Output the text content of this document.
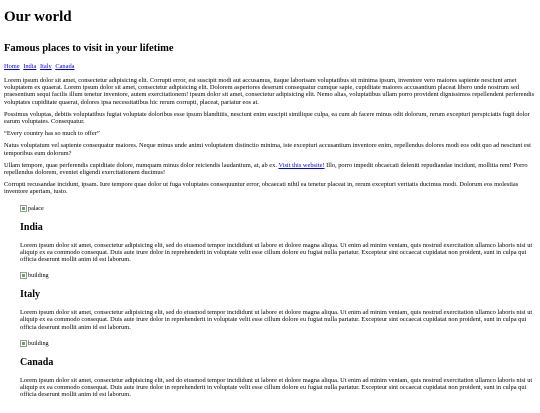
Our world
Famous places to visit in your lifetime
Home India Italy Canada

Lorem ipsum dolor sit amet, consectetur adipisicing elit. Corrupti error, est suscipit modi aut accusamus, itaque laborisam voluptatibus sit minima ipsum, inventore vero maiores sapiente nesciunt amet voluptatem ex quaerat. Lorem ipsum dolor sit amet, consectetur adipisicing elit. Dolorem asperiores deserunt consequatur cumque sapie, cupiditate maiores accusantium placeat libero unde nostrum sed praesentium sequi facilis illum tenetur inventore, autem exercitationem! ipsum dolor sit amet, consectetur adipisicing elit. Nemo alias, voluptatibus ullam porro provident dignissimos repellendent perferendis voluptates cupiditate quaerat, dolores ipsa necessitatibus hic rerum corrupti, placeat, pariatur eos at.

Possimus voluptas, debitis voluptatibus fugiat voluptate doloribus esse ipsum blanditiis, nesciunt enim suscipit similique culpa, ea cum ab facere minus odit dolorum, rerum excepturi perspiciatis fugit dolor earum voluptates. Consequatur.

“Every country has so much to offer”

Natus voluptatum vel sapiente consequatur maiores. Neque minus unde animi voluptatem distinctio minima, iste excepturi accusantium inventore enim, repellendus dolores modi eos odit quo ad nesciunt est temporibus eum dolorum?

Ullam tempore, quae perferendis cupiditate dolore, numquam minus dolor reiciendis laudantium, at, ab ex. Visit this website! Illo, porro impedit obcaecati deleniti repudiandae incidunt, mollitia rem! Porro repellendus dolorem, eveniet eligendi exercitationem ducimus!

Corrupti recusandae incidunt, ipsam. Iure tempore quae dolor ut fuga voluptates consequuntur error, obcaecati nihil ea tenetur placeat in, rerum excepturi veritatis ducimus modi. Dolorum eos molestias inventore aperiam, iusto.

palace
India

Lorem ipsum dolor sit amet, consectetur adipisicing elit, sed do eiusmod tempor incididunt ut labore et dolore magna aliqua. Ut enim ad minim veniam, quis nostrud exercitation ullamco laboris nisi ut aliquip ex ea commodo consequat. Duis aute irure dolor in reprehenderit in voluptate velit esse cillum dolore eu fugiat nulla pariatur. Excepteur sint occaecat cupidatat non proident, sunt in culpa qui officia deserunt mollit anim id est laborum.

building
Italy

Lorem ipsum dolor sit amet, consectetur adipisicing elit, sed do eiusmod tempor incididunt ut labore et dolore magna aliqua. Ut enim ad minim veniam, quis nostrud exercitation ullamco laboris nisi ut aliquip ex ea commodo consequat. Duis aute irure dolor in reprehenderit in voluptate velit esse cillum dolore eu fugiat nulla pariatur. Excepteur sint occaecat cupidatat non proident, sunt in culpa qui officia deserunt mollit anim id est laborum.

building
Canada

Lorem ipsum dolor sit amet, consectetur adipisicing elit, sed do eiusmod tempor incididunt ut labore et dolore magna aliqua. Ut enim ad minim veniam, quis nostrud exercitation ullamco laboris nisi ut aliquip ex ea commodo consequat. Duis aute irure dolor in reprehenderit in voluptate velit esse cillum dolore eu fugiat nulla pariatur. Excepteur sint occaecat cupidatat non proident, sunt in culpa qui officia deserunt mollit anim id est laborum.
